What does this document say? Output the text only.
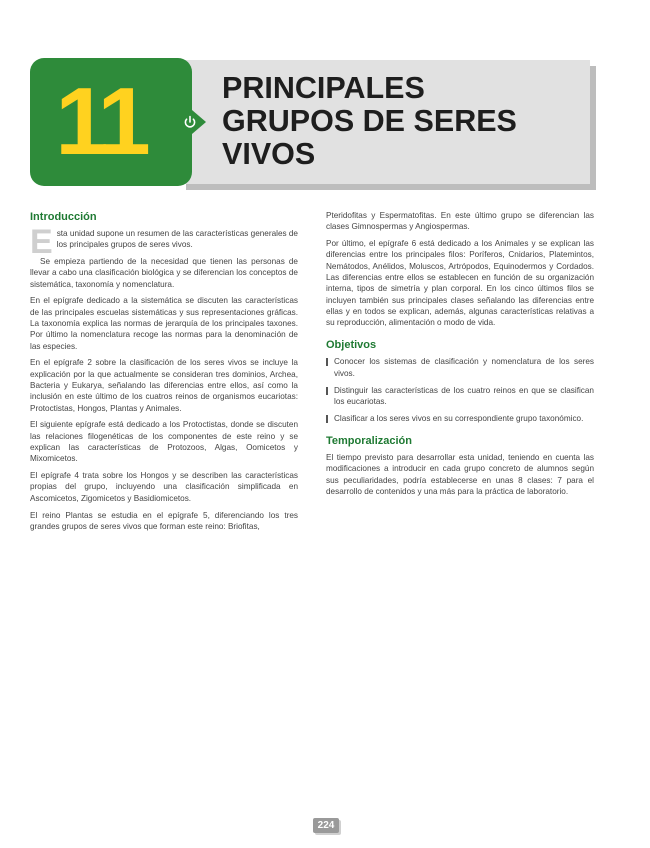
11	PRINCIPALES
GRUPOS DE SERES
VIVOS
Introducción

Esta unidad supone un resumen de las características generales de los principales grupos de seres vivos.

Se empieza partiendo de la necesidad que tienen las personas de llevar a cabo una clasificación biológica y se diferencian los conceptos de sistemática, taxonomía y nomenclatura.

En el epígrafe dedicado a la sistemática se discuten las características de las principales escuelas sistemáticas y sus representaciones gráficas. La taxonomía explica las normas de jerarquía de los principales taxones. Por último la nomenclatura recoge las normas para la denominación de las especies.

En el epígrafe 2 sobre la clasificación de los seres vivos se incluye la explicación por la que actualmente se consideran tres dominios, Archea, Bacteria y Eukarya, señalando las diferencias entre ellos, así como la inclusión en este último de los cuatros reinos de organismos eucariotas: Protoctistas, Hongos, Plantas y Animales.

El siguiente epígrafe está dedicado a los Protoctistas, donde se discuten las relaciones filogenéticas de los componentes de este reino y se explican las características de Protozoos, Algas, Oomicetos y Mixomicetos.

El epígrafe 4 trata sobre los Hongos y se describen las características propias del grupo, incluyendo una clasificación simplificada en Ascomicetos, Zigomicetos y Basidiomicetos.

El reino Plantas se estudia en el epígrafe 5, diferenciando los tres grandes grupos de seres vivos que forman este reino: Briofitas,

Pteridofitas y Espermatofitas. En este último grupo se diferencian las clases Gimnospermas y Angiospermas.

Por último, el epígrafe 6 está dedicado a los Animales y se explican las diferencias entre los principales filos: Poríferos, Cnidarios, Platemintos, Nemátodos, Anélidos, Moluscos, Artrópodos, Equinodermos y Cordados. Las diferencias entre ellos se establecen en función de su organización interna, tipos de simetría y plan corporal. En los cinco últimos filos se incluyen también sus principales clases señalando las diferencias entre ellas y en todos se explican, además, algunas características relativas a su reproducción, alimentación o modo de vida.

Objetivos

Conocer los sistemas de clasificación y nomenclatura de los seres vivos.

Distinguir las características de los cuatro reinos en que se clasifican los eucariotas.

Clasificar a los seres vivos en su correspondiente grupo taxonómico.

Temporalización

El tiempo previsto para desarrollar esta unidad, teniendo en cuenta las modificaciones a introducir en cada grupo concreto de alumnos según sus peculiaridades, podría establecerse en unas 8 clases: 7 para el desarrollo de contenidos y una más para la práctica de laboratorio.

224
